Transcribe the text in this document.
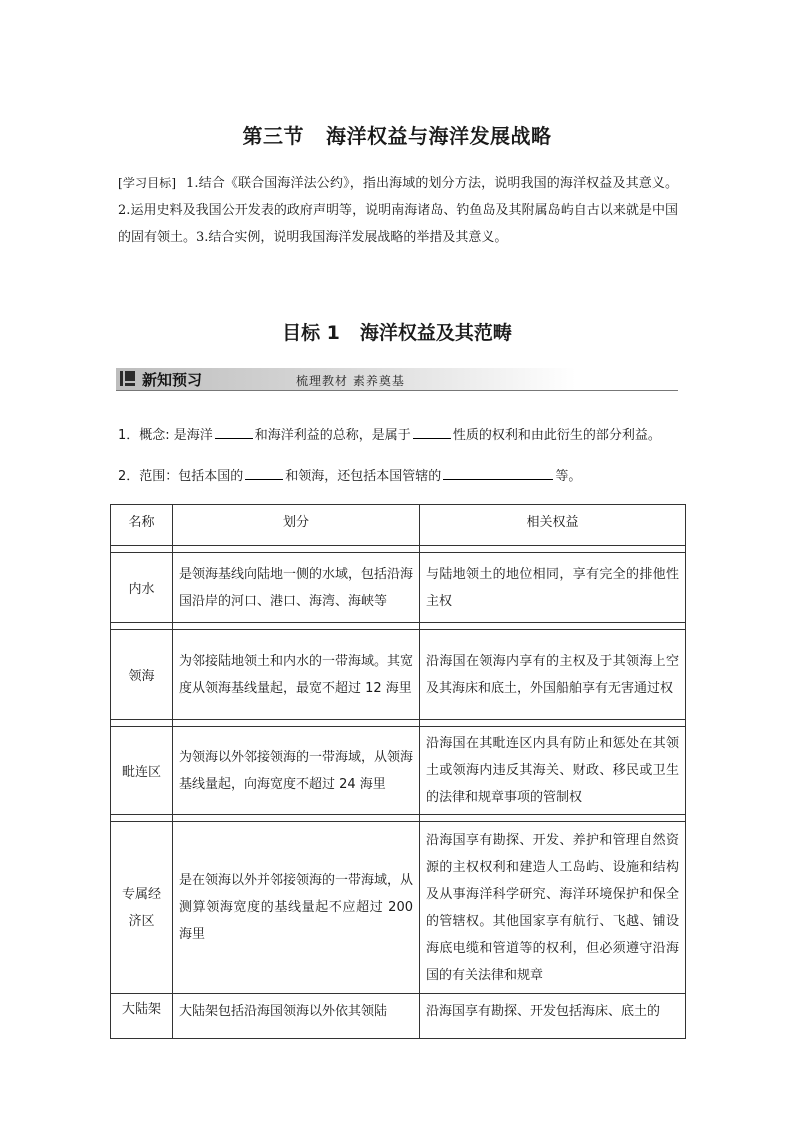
第三节 海洋权益与海洋发展战略
[学习目标] 1.结合《联合国海洋法公约》，指出海域的划分方法，说明我国的海洋权益及其意义。2.运用史料及我国公开发表的政府声明等，说明南海诸岛、钓鱼岛及其附属岛屿自古以来就是中国的固有领土。3.结合实例，说明我国海洋发展战略的举措及其意义。
目标 1 海洋权益及其范畴
新知预习	梳理教材 素养奠基
1．概念: 是海洋	和海洋利益的总称，是属于	性质的权利和由此衍生的部分利益。
2．范围：包括本国的	和领海，还包括本国管辖的	等。
名称	划分	相关权益

内水	是领海基线向陆地一侧的水域，包括沿海国沿岸的河口、港口、海湾、海峡等	与陆地领土的地位相同，享有完全的排他性主权

领海	为邻接陆地领土和内水的一带海域。其宽度从领海基线量起，最宽不超过 12 海里	沿海国在领海内享有的主权及于其领海上空及其海床和底土，外国船舶享有无害通过权

毗连区	为领海以外邻接领海的一带海域，从领海基线量起，向海宽度不超过 24 海里	沿海国在其毗连区内具有防止和惩处在其领土或领海内违反其海关、财政、移民或卫生的法律和规章事项的管制权

专属经济区	是在领海以外并邻接领海的一带海域，从测算领海宽度的基线量起不应超过 200 海里	沿海国享有勘探、开发、养护和管理自然资源的主权权利和建造人工岛屿、设施和结构及从事海洋科学研究、海洋环境保护和保全的管辖权。其他国家享有航行、飞越、铺设海底电缆和管道等的权利，但必须遵守沿海国的有关法律和规章
大陆架	大陆架包括沿海国领海以外依其领陆	沿海国享有勘探、开发包括海床、底土的
